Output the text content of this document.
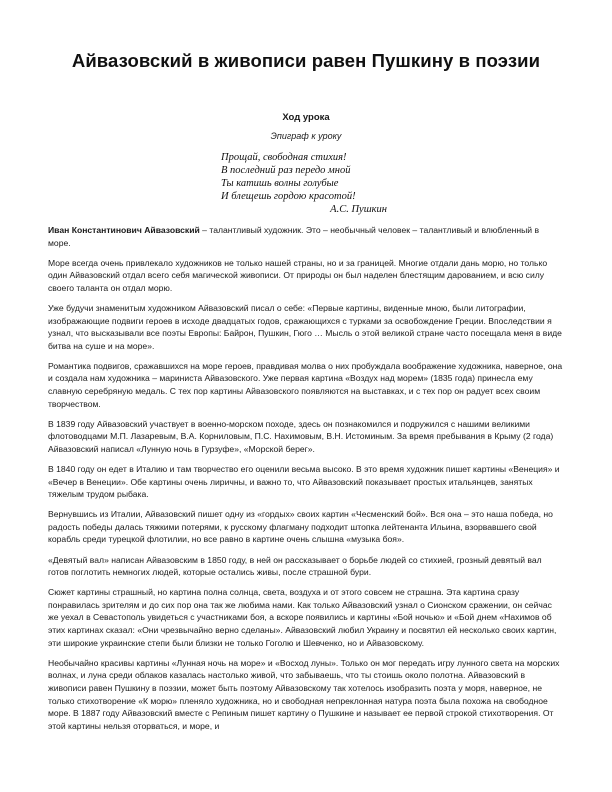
Айвазовский в живописи равен Пушкину в поэзии
Ход урока
Эпиграф к уроку
Прощай, свободная стихия!
В последний раз передо мной
Ты катишь волны голубые
И блещешь гордою красотой!
А.С. Пушкин
Иван Константинович Айвазовский – талантливый художник. Это – необычный человек – талантливый и влюбленный в море.
Море всегда очень привлекало художников не только нашей страны, но и за границей. Многие отдали дань морю, но только один Айвазовский отдал всего себя магической живописи. От природы он был наделен блестящим дарованием, и всю силу своего таланта он отдал морю.
Уже будучи знаменитым художником Айвазовский писал о себе: «Первые картины, виденные мною, были литографии, изображающие подвиги героев в исходе двадцатых годов, сражающихся с турками за освобождение Греции. Впоследствии я узнал, что высказывали все поэты Европы: Байрон, Пушкин, Гюго … Мысль о этой великой стране часто посещала меня в виде битва на суше и на море».
Романтика подвигов, сражавшихся на море героев, правдивая молва о них пробуждала воображение художника, наверное, она и создала нам художника – мариниста Айвазовского. Уже первая картина «Воздух над морем» (1835 года) принесла ему славную серебряную медаль. С тех пор картины Айвазовского появляются на выставках, и с тех пор он радует всех своим творчеством.
В 1839 году Айвазовский участвует в военно-морском походе, здесь он познакомился и подружился с нашими великими флотоводцами М.П. Лазаревым, В.А. Корниловым, П.С. Нахимовым, В.Н. Истоминым. За время пребывания в Крыму (2 года) Айвазовский написал «Лунную ночь в Гурзуфе», «Морской берег».
В 1840 году он едет в Италию и там творчество его оценили весьма высоко. В это время художник пишет картины «Венеция» и «Вечер в Венеции». Обе картины очень лиричны, и важно то, что Айвазовский показывает простых итальянцев, занятых тяжелым трудом рыбака.
Вернувшись из Италии, Айвазовский пишет одну из «гордых» своих картин «Чесменский бой». Вся она – это наша победа, но радость победы далась тяжкими потерями, к русскому флагману подходит штопка лейтенанта Ильина, взорвавшего свой корабль среди турецкой флотилии, но все равно в картине очень слышна «музыка боя».
«Девятый вал» написан Айвазовским в 1850 году, в ней он рассказывает о борьбе людей со стихией, грозный девятый вал готов поглотить немногих людей, которые остались живы, после страшной бури.
Сюжет картины страшный, но картина полна солнца, света, воздуха и от этого совсем не страшна. Эта картина сразу понравилась зрителям и до сих пор она так же любима нами. Как только Айвазовский узнал о Сионском сражении, он сейчас же уехал в Севастополь увидеться с участниками боя, а вскоре появились и картины «Бой ночью» и «Бой днем «Нахимов об этих картинах сказал: «Они чрезвычайно верно сделаны». Айвазовский любил Украину и посвятил ей несколько своих картин, эти широкие украинские степи были близки не только Гоголю и Шевченко, но и Айвазовскому.
Необычайно красивы картины «Лунная ночь на море» и «Восход луны». Только он мог передать игру лунного света на морских волнах, и луна среди облаков казалась настолько живой, что забываешь, что ты стоишь около полотна. Айвазовский в живописи равен Пушкину в поэзии, может быть поэтому Айвазовскому так хотелось изобразить поэта у моря, наверное, не только стихотворение «К морю» пленяло художника, но и свободная непреклонная натура поэта была похожа на свободное море. В 1887 году Айвазовский вместе с Репиным пишет картину о Пушкине и называет ее первой строкой стихотворения. От этой картины нельзя оторваться, и море, и
